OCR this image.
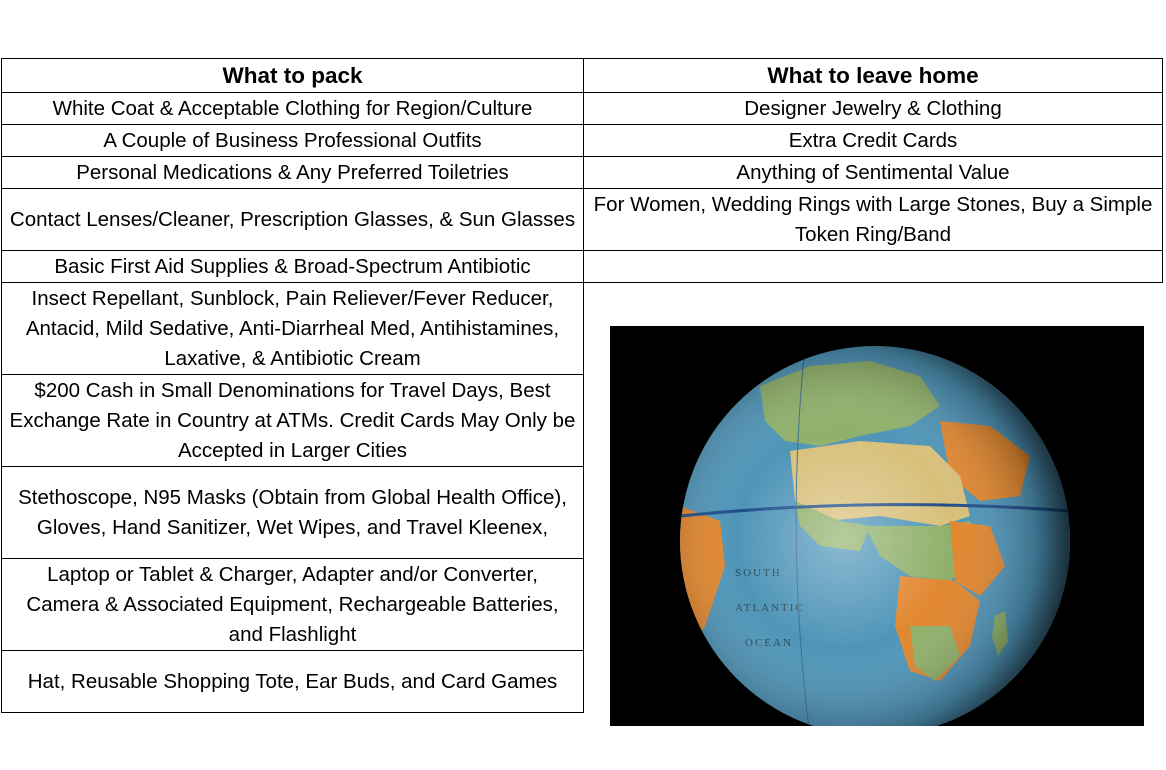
What to pack	What to leave home
White Coat & Acceptable Clothing for Region/Culture
A Couple of Business Professional Outfits
Personal Medications & Any Preferred Toiletries
Contact Lenses/Cleaner, Prescription Glasses, & Sun Glasses
Basic First Aid Supplies & Broad-Spectrum Antibiotic
Insect Repellant, Sunblock, Pain Reliever/Fever Reducer, Antacid, Mild Sedative, Anti-Diarrheal Med, Antihistamines, Laxative, & Antibiotic Cream
$200 Cash in Small Denominations for Travel Days, Best Exchange Rate in Country at ATMs. Credit Cards May Only be Accepted in Larger Cities
Stethoscope, N95 Masks (Obtain from Global Health Office), Gloves, Hand Sanitizer, Wet Wipes, and Travel Kleenex,
Laptop or Tablet & Charger, Adapter and/or Converter, Camera & Associated Equipment, Rechargeable Batteries, and Flashlight
Hat, Reusable Shopping Tote, Ear Buds, and Card Games
Designer Jewelry & Clothing
Extra Credit Cards
Anything of Sentimental Value
For Women, Wedding Rings with Large Stones, Buy a Simple Token Ring/Band
